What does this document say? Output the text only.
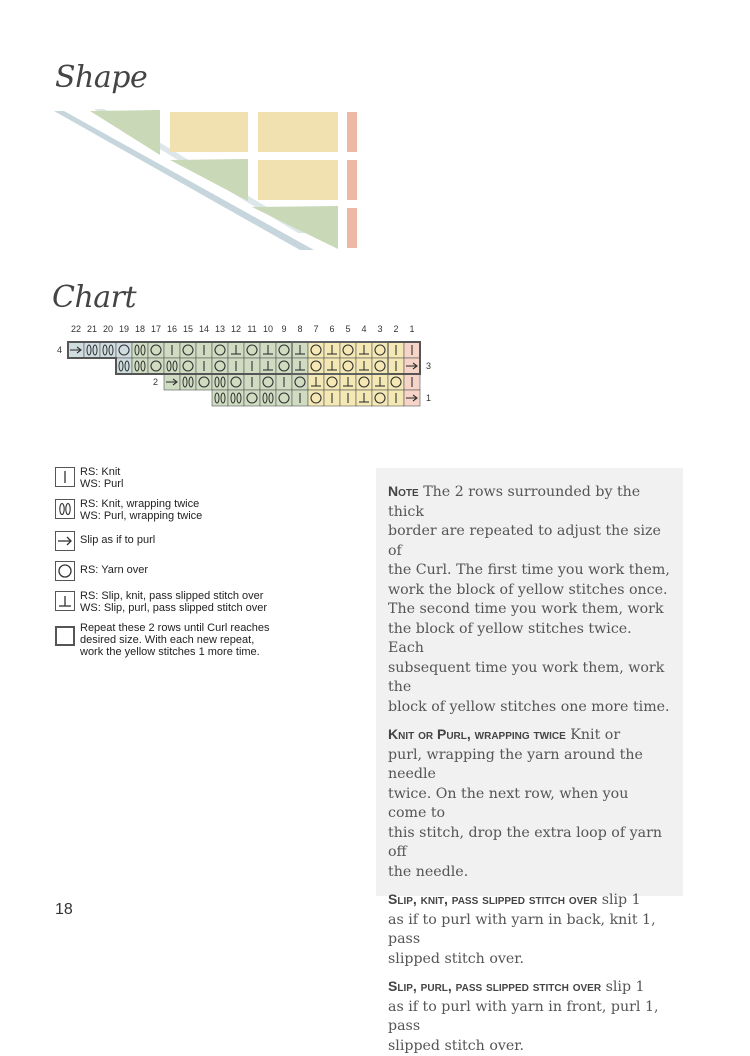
Shape
Chart
22 21 20 19 18 17 16 15 14 13 12 11 10 9 8 7 6 5 4 3 2 1
4
3
2
1
RS: Knit
WS: Purl
RS: Knit, wrapping twice
WS: Purl, wrapping twice
Slip as if to purl
RS: Yarn over
RS: Slip, knit, pass slipped stitch over
WS: Slip, purl, pass slipped stitch over
Repeat these 2 rows until Curl reaches
desired size. With each new repeat,
work the yellow stitches 1 more time.

Note The 2 rows surrounded by the thick
border are repeated to adjust the size of
the Curl. The first time you work them,
work the block of yellow stitches once.
The second time you work them, work
the block of yellow stitches twice. Each
subsequent time you work them, work the
block of yellow stitches one more time.

Knit or Purl, wrapping twice Knit or
purl, wrapping the yarn around the needle
twice. On the next row, when you come to
this stitch, drop the extra loop of yarn off
the needle.

Slip, knit, pass slipped stitch over slip 1
as if to purl with yarn in back, knit 1, pass
slipped stitch over.

Slip, purl, pass slipped stitch over slip 1
as if to purl with yarn in front, purl 1, pass
slipped stitch over.

18
